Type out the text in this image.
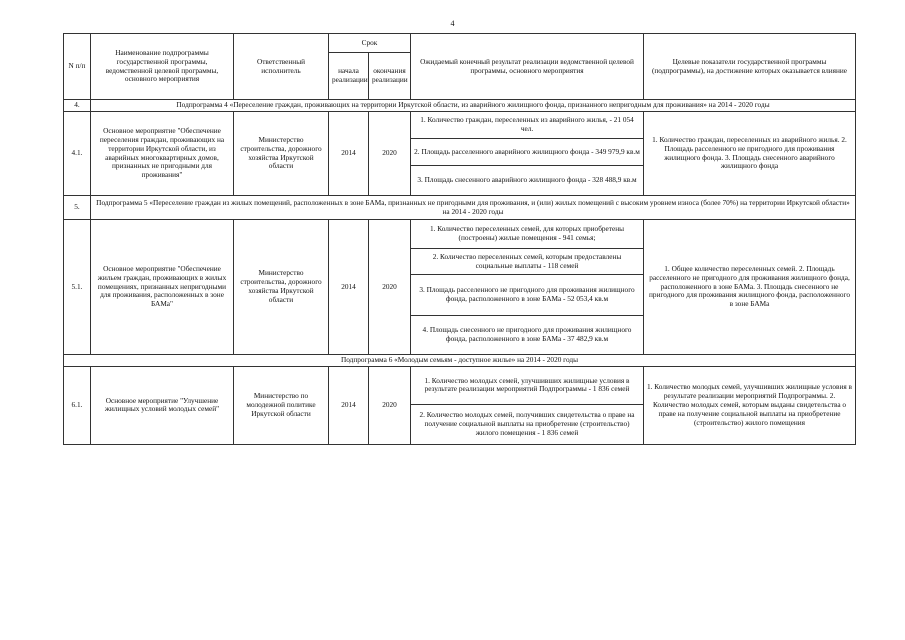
4
N п/п	Наименование подпрограммы государственной программы, ведомственной целевой программы, основного мероприятия	Ответственный исполнитель	Срок		Ожидаемый конечный результат реализации ведомственной целевой программы, основного мероприятия	Целевые показатели государственной программы (подпрограммы), на достижение которых оказывается влияние
			начала реализации	окончания реализации		
4.	Подпрограмма 4 «Переселение граждан, проживающих на территории Иркутской области, из аварийного жилищного фонда, признанного непригодным для проживания» на 2014 - 2020 годы					
4.1.	Основное мероприятие "Обеспечение переселения граждан, проживающих на территории Иркутской области, из аварийных многоквартирных домов, признанных не пригодными для проживания"	Министерство строительства, дорожного хозяйства Иркутской области	2014	2020	1. Количество граждан, переселенных из аварийного жилья, - 21 054 чел.	1. Количество граждан, переселенных из аварийного жилья. 2. Площадь расселенного не пригодного для проживания жилищного фонда. 3. Площадь снесенного аварийного жилищного фонда
					2. Площадь расселенного аварийного жилищного фонда - 349 979,9 кв.м	
					3. Площадь снесенного аварийного жилищного фонда - 328 488,9 кв.м	
5.	Подпрограмма 5 «Переселение граждан из жилых помещений, расположенных в зоне БАМа, признанных не пригодными для проживания, и (или) жилых помещений с высоким уровнем износа (более 70%) на территории Иркутской области» на 2014 - 2020 годы					
5.1.	Основное мероприятие "Обеспечение жильем граждан, проживающих в жилых помещениях, признанных непригодными для проживания, расположенных в зоне БАМа"	Министерство строительства, дорожного хозяйства Иркутской области	2014	2020	1. Количество переселенных семей, для которых приобретены (построены) жилые помещения - 941 семья;	1. Общее количество переселенных семей. 2. Площадь расселенного не пригодного для проживания жилищного фонда, расположенного в зоне БАМа. 3. Площадь снесенного не пригодного для проживания жилищного фонда, расположенного в зоне БАМа
					2. Количество переселенных семей, которым предоставлены социальные выплаты - 118 семей	
					3. Площадь расселенного не пригодного для проживания жилищного фонда, расположенного в зоне БАМа - 52 053,4 кв.м	
					4. Площадь снесенного не пригодного для проживания жилищного фонда, расположенного в зоне БАМа - 37 482,9 кв.м	
Подпрограмма 6 «Молодым семьям - доступное жилье» на 2014 - 2020 годы						
6.1.	Основное мероприятие "Улучшение жилищных условий молодых семей"	Министерство по молодежной политике Иркутской области	2014	2020	1. Количество молодых семей, улучшивших жилищные условия в результате реализации мероприятий Подпрограммы - 1 836 семей	1. Количество молодых семей, улучшивших жилищные условия в результате реализации мероприятий Подпрограммы. 2. Количество молодых семей, которым выданы свидетельства о праве на получение социальной выплаты на приобретение (строительство) жилого помещения
					2. Количество молодых семей, получивших свидетельства о праве на получение социальной выплаты на приобретение (строительство) жилого помещения - 1 836 семей	
